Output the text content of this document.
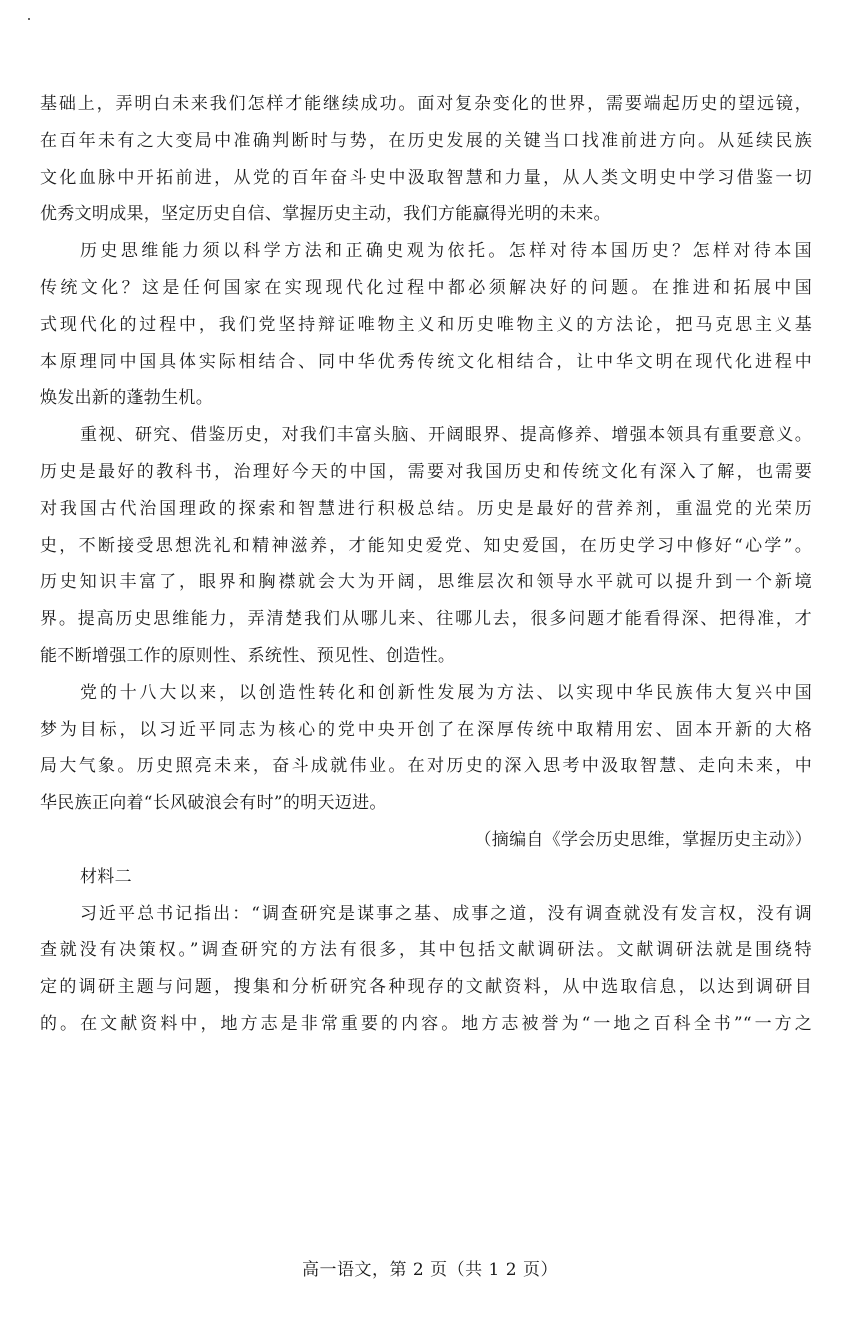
基础上，弄明白未来我们怎样才能继续成功。面对复杂变化的世界，需要端起历史的望远镜，
在百年未有之大变局中准确判断时与势，在历史发展的关键当口找准前进方向。从延续民族
文化血脉中开拓前进，从党的百年奋斗史中汲取智慧和力量，从人类文明史中学习借鉴一切
优秀文明成果，坚定历史自信、掌握历史主动，我们方能赢得光明的未来。
历史思维能力须以科学方法和正确史观为依托。怎样对待本国历史？怎样对待本国
传统文化？这是任何国家在实现现代化过程中都必须解决好的问题。在推进和拓展中国
式现代化的过程中，我们党坚持辩证唯物主义和历史唯物主义的方法论，把马克思主义基
本原理同中国具体实际相结合、同中华优秀传统文化相结合，让中华文明在现代化进程中
焕发出新的蓬勃生机。
重视、研究、借鉴历史，对我们丰富头脑、开阔眼界、提高修养、增强本领具有重要意义。
历史是最好的教科书，治理好今天的中国，需要对我国历史和传统文化有深入了解，也需要
对我国古代治国理政的探索和智慧进行积极总结。历史是最好的营养剂，重温党的光荣历
史，不断接受思想洗礼和精神滋养，才能知史爱党、知史爱国，在历史学习中修好“心学”。
历史知识丰富了，眼界和胸襟就会大为开阔，思维层次和领导水平就可以提升到一个新境
界。提高历史思维能力，弄清楚我们从哪儿来、往哪儿去，很多问题才能看得深、把得准，才
能不断增强工作的原则性、系统性、预见性、创造性。
党的十八大以来，以创造性转化和创新性发展为方法、以实现中华民族伟大复兴中国
梦为目标，以习近平同志为核心的党中央开创了在深厚传统中取精用宏、固本开新的大格
局大气象。历史照亮未来，奋斗成就伟业。在对历史的深入思考中汲取智慧、走向未来，中
华民族正向着“长风破浪会有时”的明天迈进。
（摘编自《学会历史思维，掌握历史主动》）
材料二
习近平总书记指出：“调查研究是谋事之基、成事之道，没有调查就没有发言权，没有调
查就没有决策权。”调查研究的方法有很多，其中包括文献调研法。文献调研法就是围绕特
定的调研主题与问题，搜集和分析研究各种现存的文献资料，从中选取信息，以达到调研目
的。在文献资料中，地方志是非常重要的内容。地方志被誉为“一地之百科全书”“一方之
高一语文，第 2 页（共 1 2 页）
